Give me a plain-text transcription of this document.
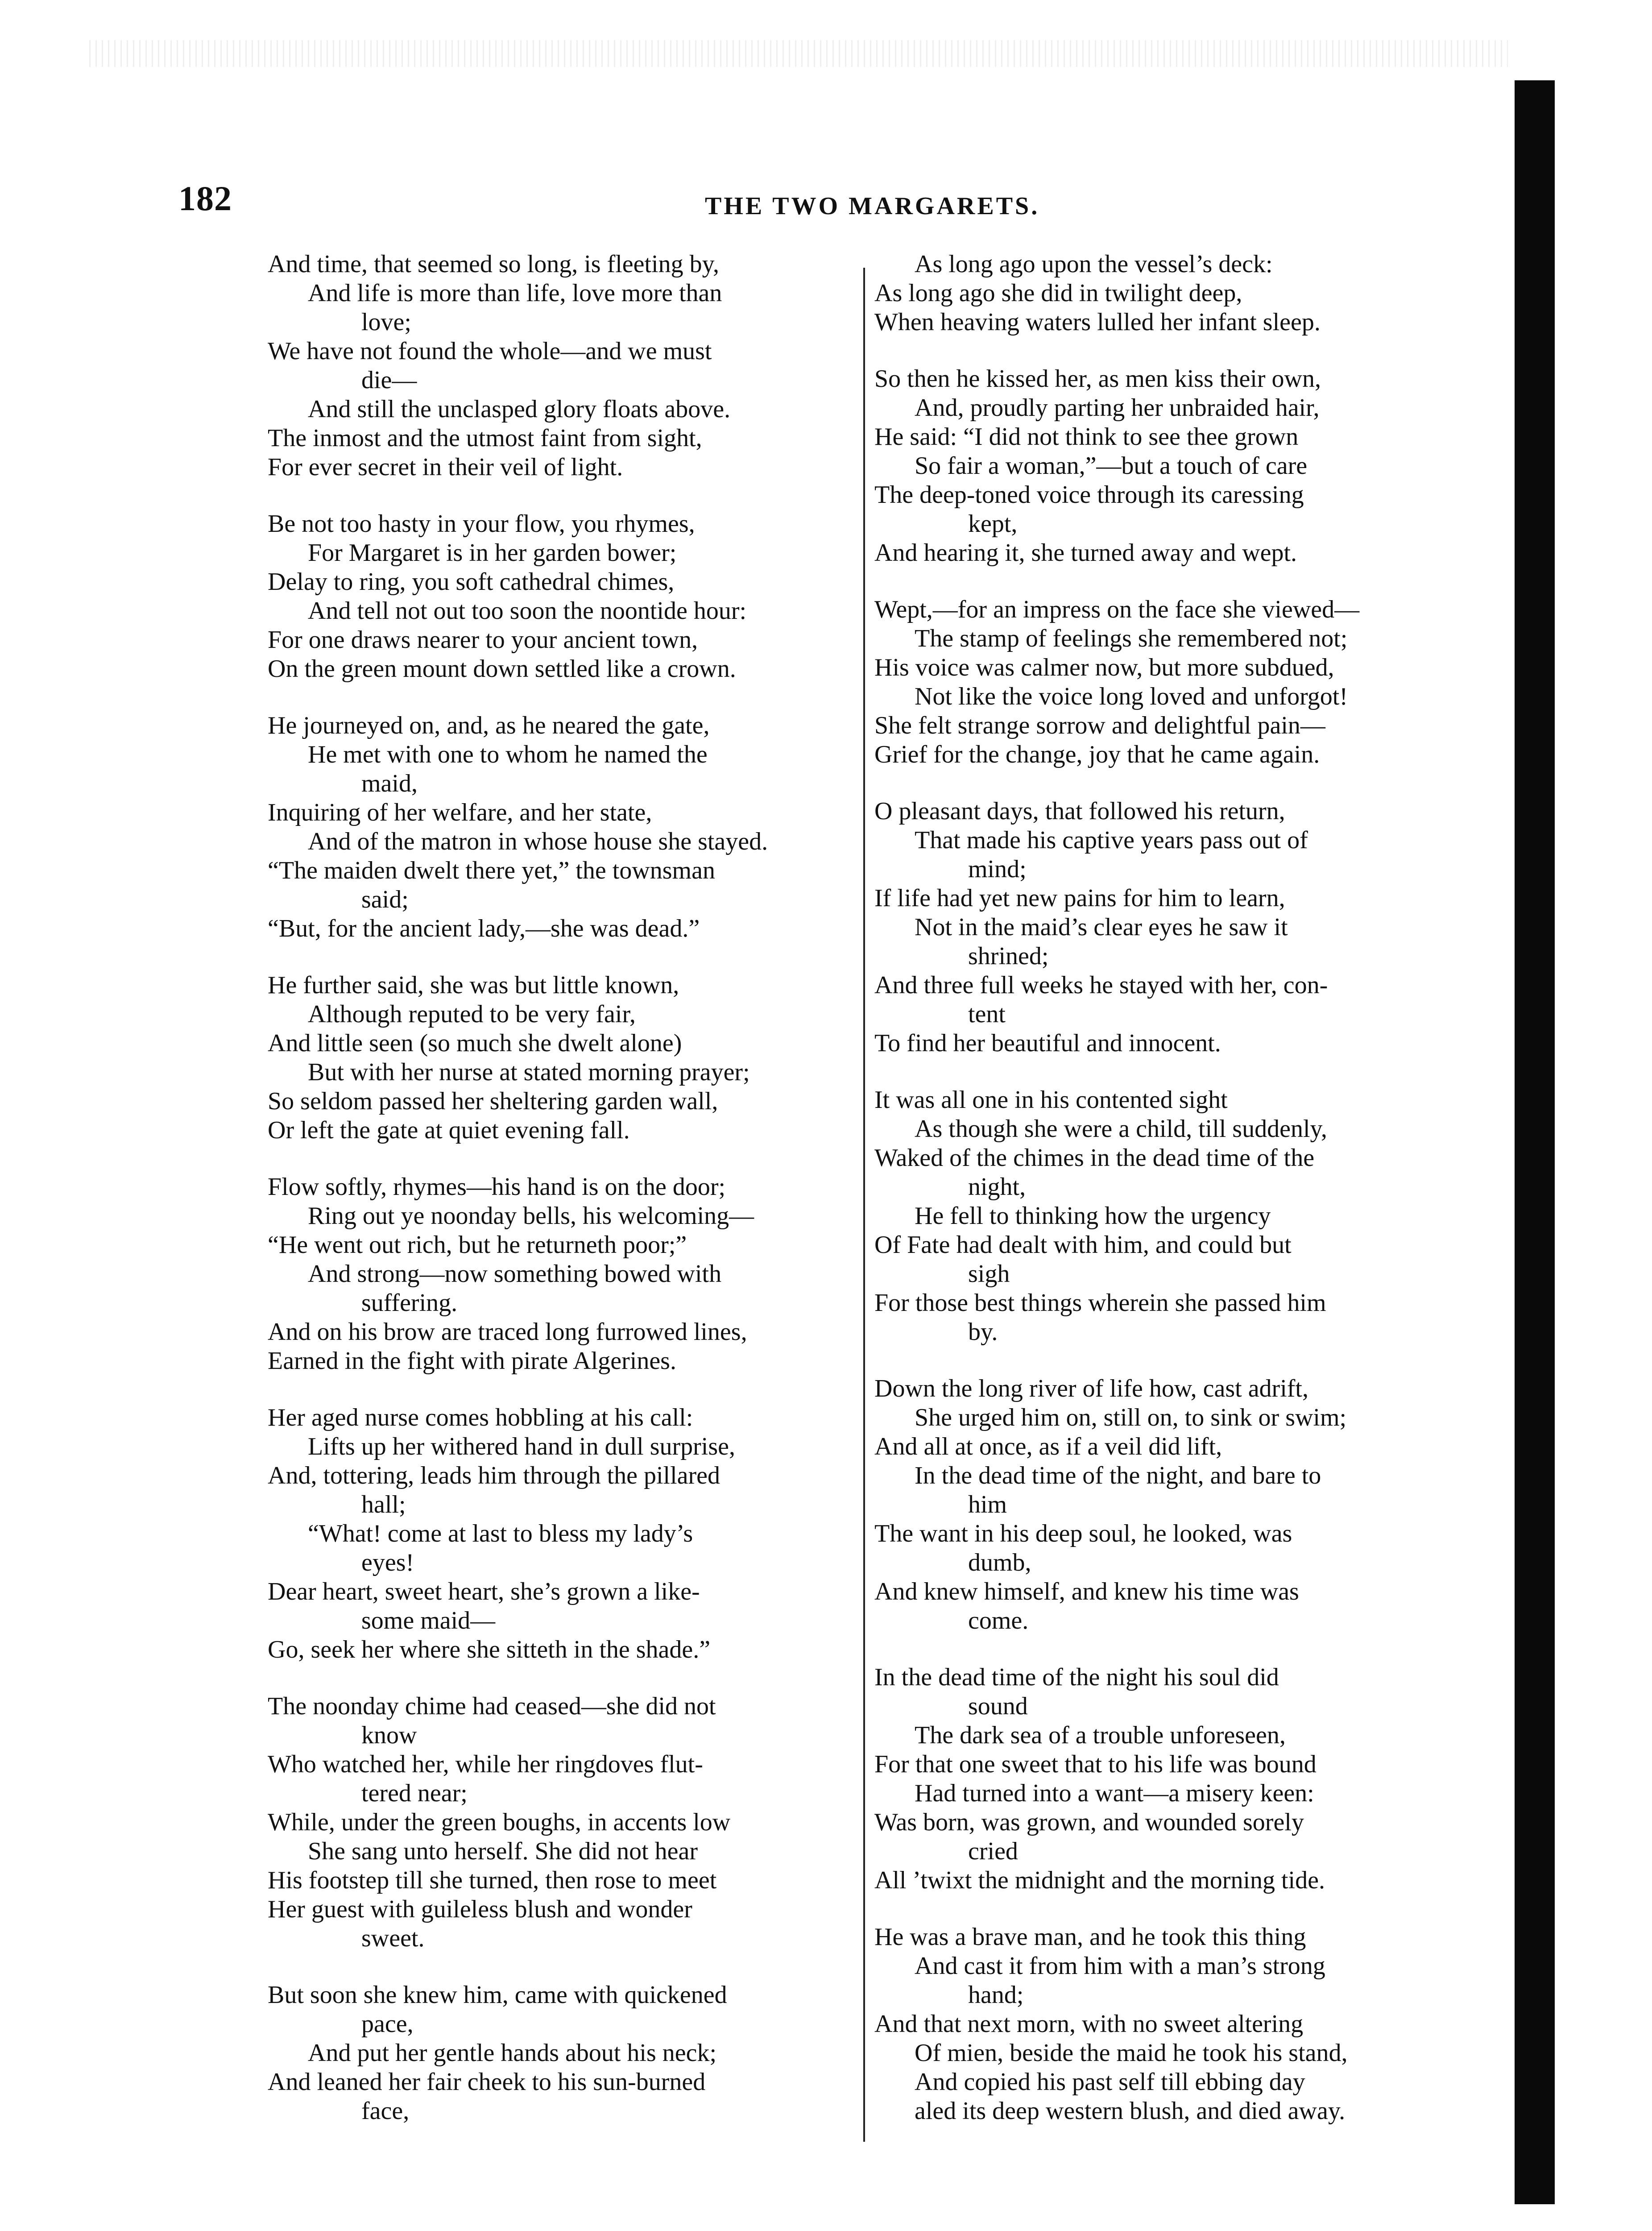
182	THE TWO MARGARETS.
And time, that seemed so long, is fleeting by,
And life is more than life, love more than
love;
We have not found the whole—and we must
die—
And still the unclasped glory floats above.
The inmost and the utmost faint from sight,
For ever secret in their veil of light.
Be not too hasty in your flow, you rhymes,
For Margaret is in her garden bower;
Delay to ring, you soft cathedral chimes,
And tell not out too soon the noontide hour:
For one draws nearer to your ancient town,
On the green mount down settled like a crown.
He journeyed on, and, as he neared the gate,
He met with one to whom he named the
maid,
Inquiring of her welfare, and her state,
And of the matron in whose house she stayed.
“The maiden dwelt there yet,” the townsman
said;
“But, for the ancient lady,—she was dead.”
He further said, she was but little known,
Although reputed to be very fair,
And little seen (so much she dwelt alone)
But with her nurse at stated morning prayer;
So seldom passed her sheltering garden wall,
Or left the gate at quiet evening fall.
Flow softly, rhymes—his hand is on the door;
Ring out ye noonday bells, his welcoming—
“He went out rich, but he returneth poor;”
And strong—now something bowed with
suffering.
And on his brow are traced long furrowed lines,
Earned in the fight with pirate Algerines.
Her aged nurse comes hobbling at his call:
Lifts up her withered hand in dull surprise,
And, tottering, leads him through the pillared
hall;
“What! come at last to bless my lady’s
eyes!
Dear heart, sweet heart, she’s grown a like-
some maid—
Go, seek her where she sitteth in the shade.”
The noonday chime had ceased—she did not
know
Who watched her, while her ringdoves flut-
tered near;
While, under the green boughs, in accents low
She sang unto herself. She did not hear
His footstep till she turned, then rose to meet
Her guest with guileless blush and wonder
sweet.
But soon she knew him, came with quickened
pace,
And put her gentle hands about his neck;
And leaned her fair cheek to his sun-burned
face,
As long ago upon the vessel’s deck:
As long ago she did in twilight deep,
When heaving waters lulled her infant sleep.
So then he kissed her, as men kiss their own,
And, proudly parting her unbraided hair,
He said: “I did not think to see thee grown
So fair a woman,”—but a touch of care
The deep-toned voice through its caressing
kept,
And hearing it, she turned away and wept.
Wept,—for an impress on the face she viewed—
The stamp of feelings she remembered not;
His voice was calmer now, but more subdued,
Not like the voice long loved and unforgot!
She felt strange sorrow and delightful pain—
Grief for the change, joy that he came again.
O pleasant days, that followed his return,
That made his captive years pass out of
mind;
If life had yet new pains for him to learn,
Not in the maid’s clear eyes he saw it
shrined;
And three full weeks he stayed with her, con-
tent
To find her beautiful and innocent.
It was all one in his contented sight
As though she were a child, till suddenly,
Waked of the chimes in the dead time of the
night,
He fell to thinking how the urgency
Of Fate had dealt with him, and could but
sigh
For those best things wherein she passed him
by.
Down the long river of life how, cast adrift,
She urged him on, still on, to sink or swim;
And all at once, as if a veil did lift,
In the dead time of the night, and bare to
him
The want in his deep soul, he looked, was
dumb,
And knew himself, and knew his time was
come.
In the dead time of the night his soul did
sound
The dark sea of a trouble unforeseen,
For that one sweet that to his life was bound
Had turned into a want—a misery keen:
Was born, was grown, and wounded sorely
cried
All ’twixt the midnight and the morning tide.
He was a brave man, and he took this thing
And cast it from him with a man’s strong
hand;
And that next morn, with no sweet altering
Of mien, beside the maid he took his stand,
And copied his past self till ebbing day
aled its deep western blush, and died away.
